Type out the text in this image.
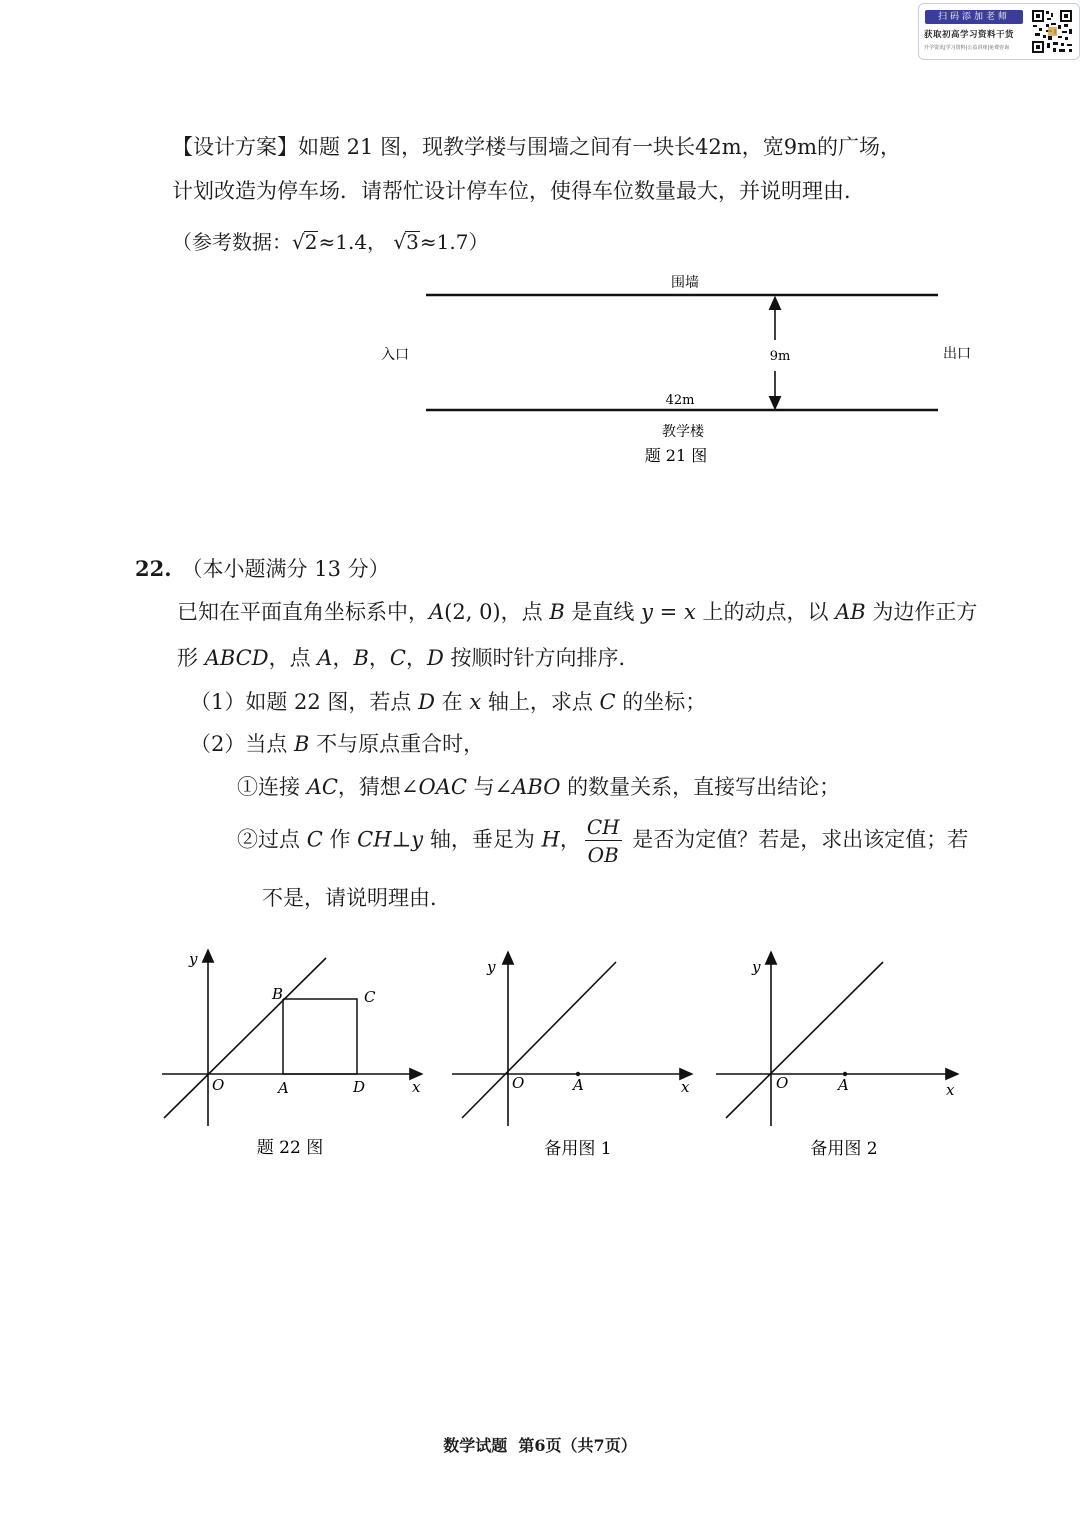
扫码添加老师
获取初高学习资料干货
升学资讯|学习资料|公益讲座|免费咨询
【设计方案】如题 21 图，现教学楼与围墙之间有一块长42m，宽9m的广场，
计划改造为停车场．请帮忙设计停车位，使得车位数量最大，并说明理由．
（参考数据：√2≈1.4， √3≈1.7）
围墙
入口	出口
9m
42m
教学楼
题 21 图
22. （本小题满分 13 分）
已知在平面直角坐标系中，A(2, 0)，点 B 是直线 y = x 上的动点，以 AB 为边作正方
形 ABCD，点 A，B，C，D 按顺时针方向排序．
（1）如题 22 图，若点 D 在 x 轴上，求点 C 的坐标；
（2）当点 B 不与原点重合时，
①连接 AC，猜想∠OAC 与∠ABO 的数量关系，直接写出结论；
②过点 C 作 CH⊥y 轴，垂足为 H， $\frac{CH}{OB}$ 是否为定值？若是，求出该定值；若
不是，请说明理由．
y
x
O	A
B	C
D
题 22 图
y
x
O	A
备用图 1
y
x
O	A
备用图 2
数学试题  第6页（共7页）
